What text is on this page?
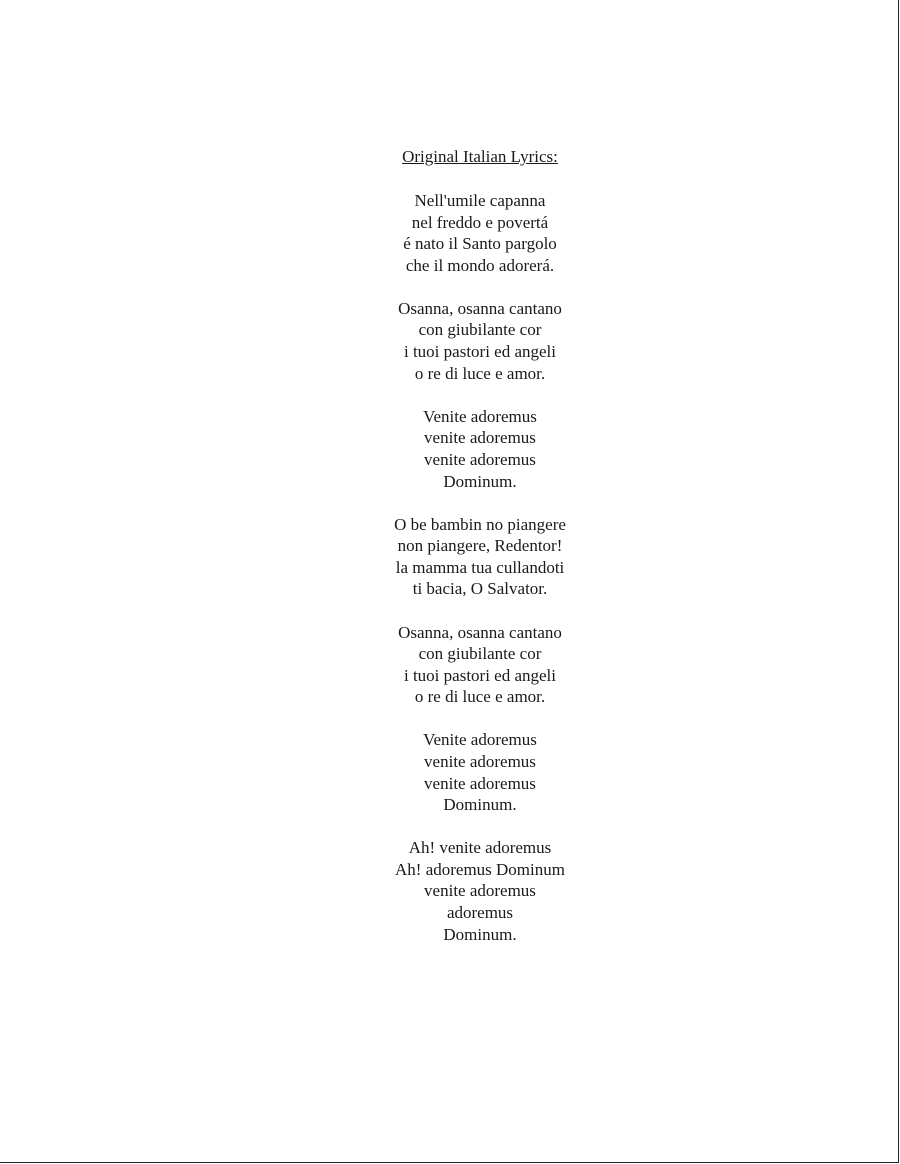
Original Italian Lyrics:
Nell'umile capanna
nel freddo e povertá
é nato il Santo pargolo
che il mondo adorerá.
Osanna, osanna cantano
con giubilante cor
i tuoi pastori ed angeli
o re di luce e amor.
Venite adoremus
venite adoremus
venite adoremus
Dominum.
O be bambin no piangere
non piangere, Redentor!
la mamma tua cullandoti
ti bacia, O Salvator.
Osanna, osanna cantano
con giubilante cor
i tuoi pastori ed angeli
o re di luce e amor.
Venite adoremus
venite adoremus
venite adoremus
Dominum.
Ah! venite adoremus
Ah! adoremus Dominum
venite adoremus
adoremus
Dominum.
